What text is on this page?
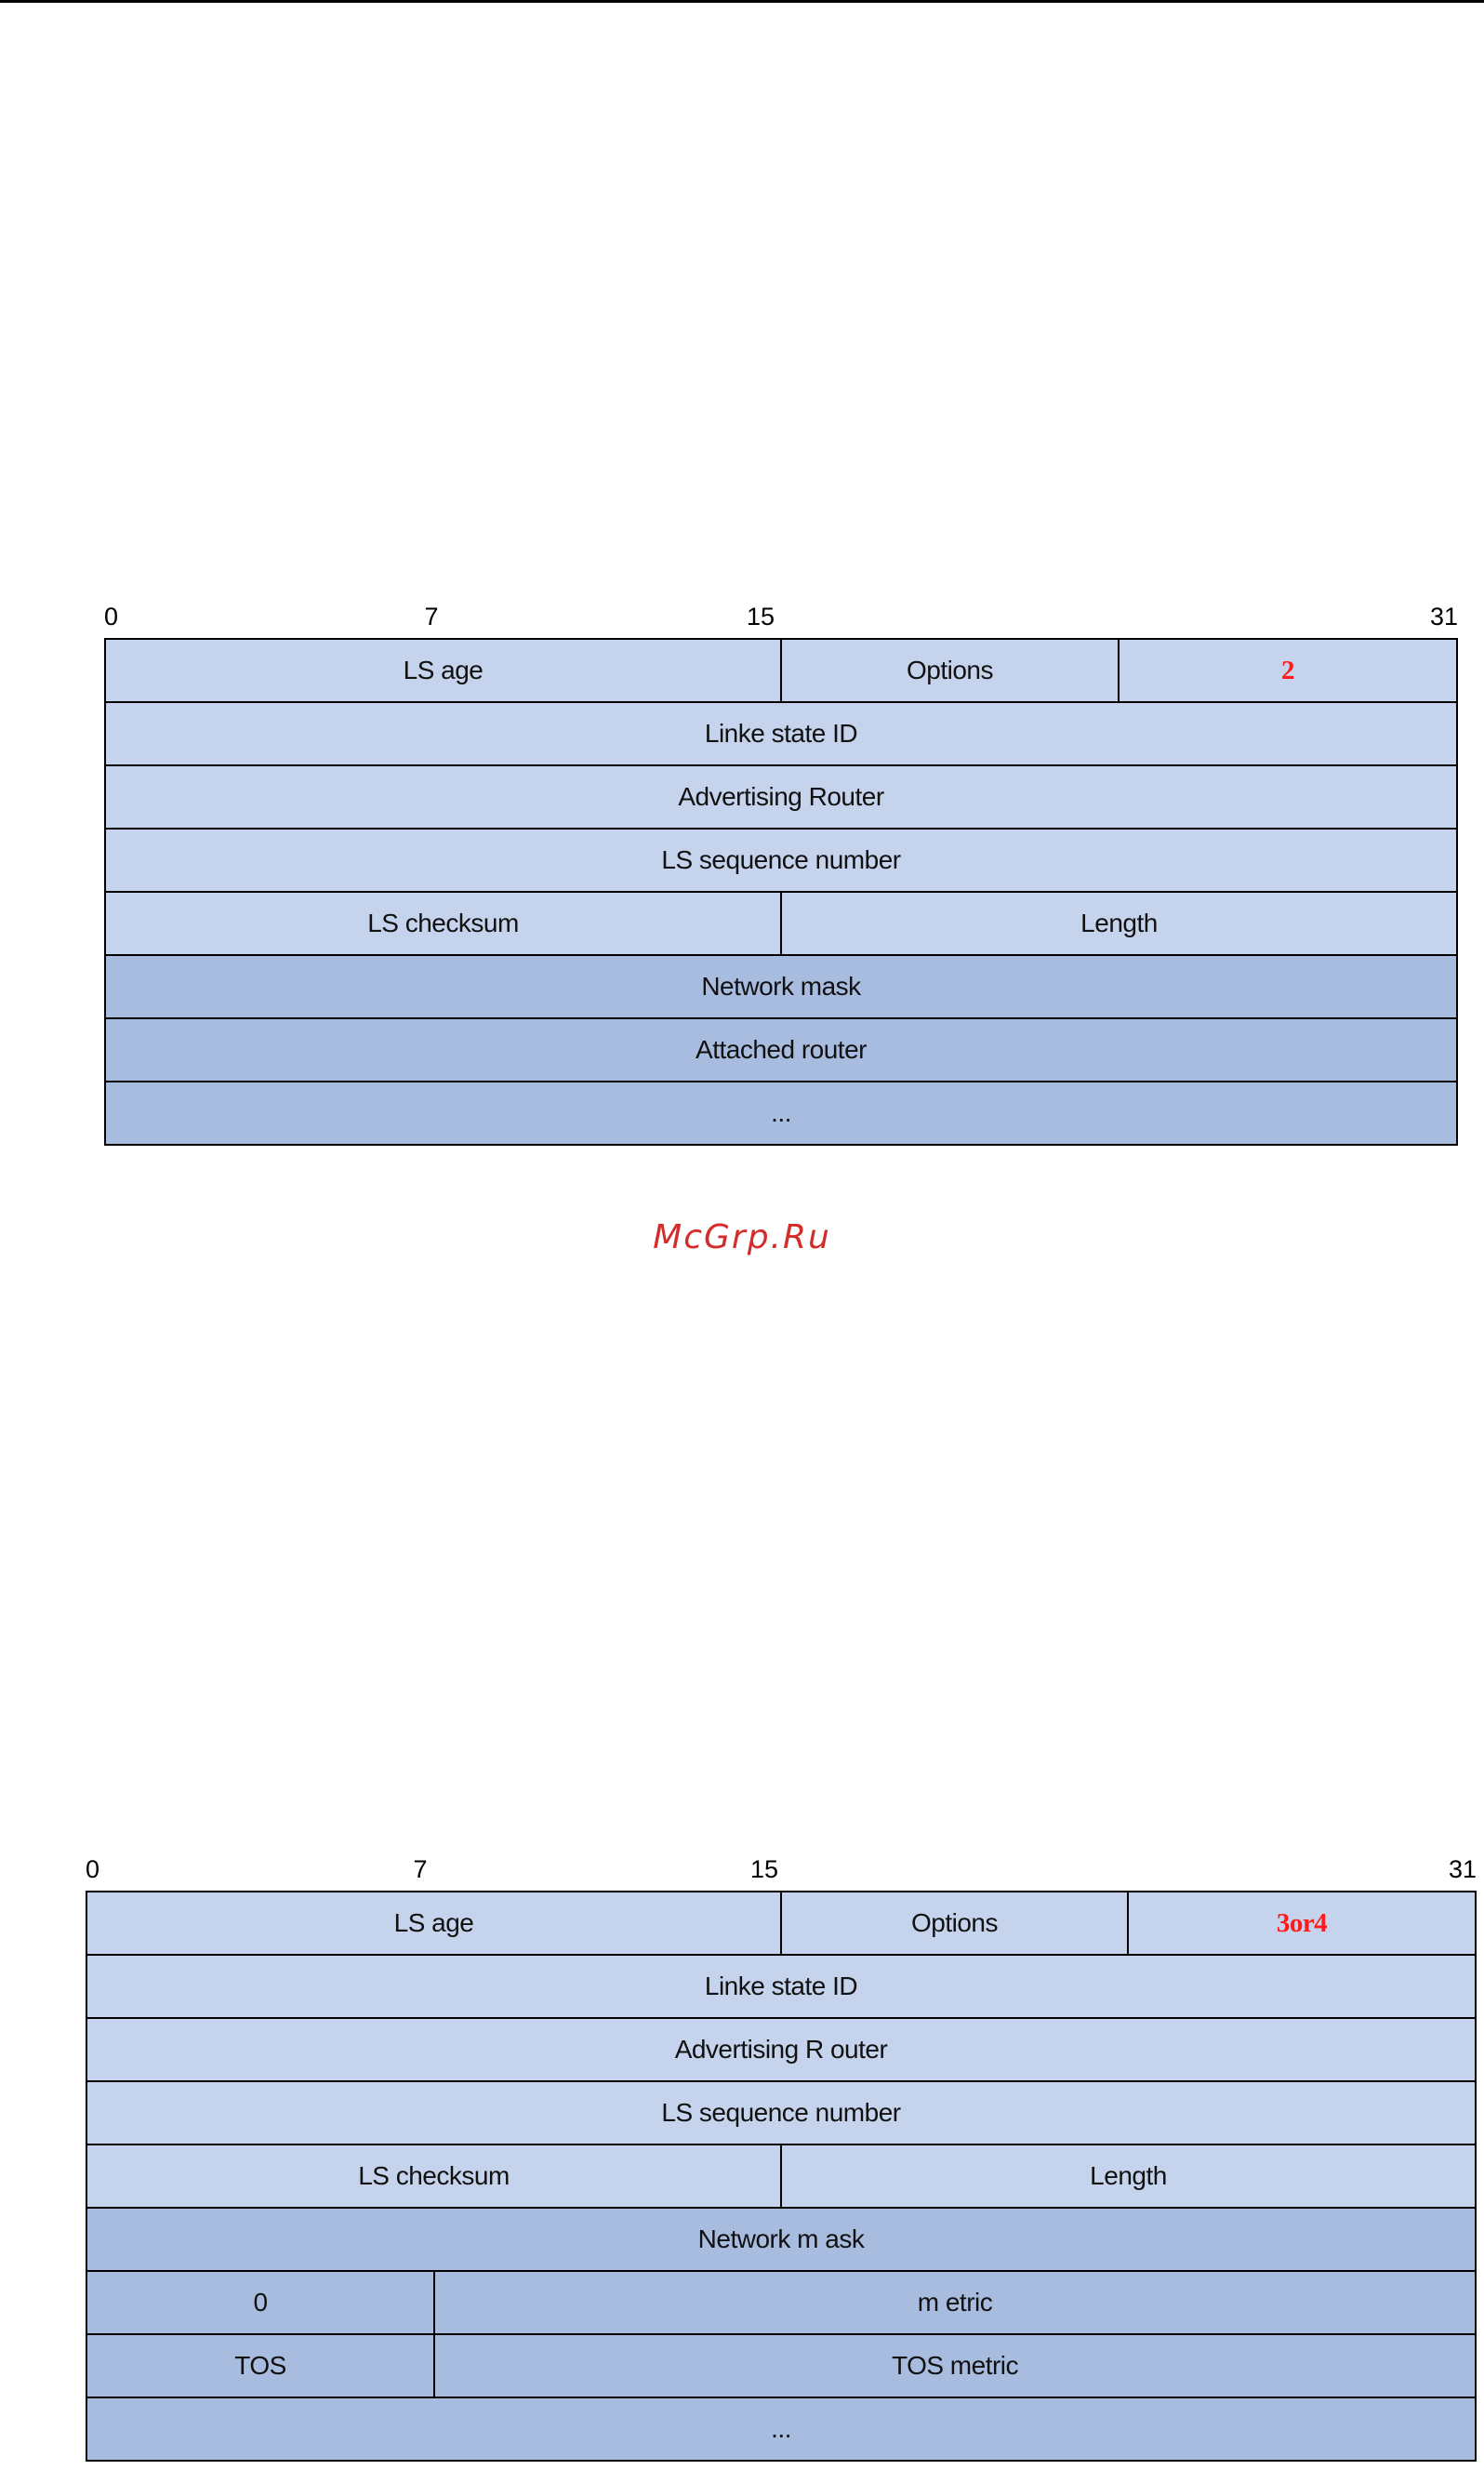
0	7	15	31
LS age	Options	2
Linke state ID
Advertising Router
LS sequence number
LS checksum	Length
Network mask
Attached router
...
McGrp.Ru
0	7	15	31
LS age	Options	3or4
Linke state ID
Advertising R outer
LS sequence number
LS checksum	Length
Network m ask
0	m etric
TOS	TOS metric
...
